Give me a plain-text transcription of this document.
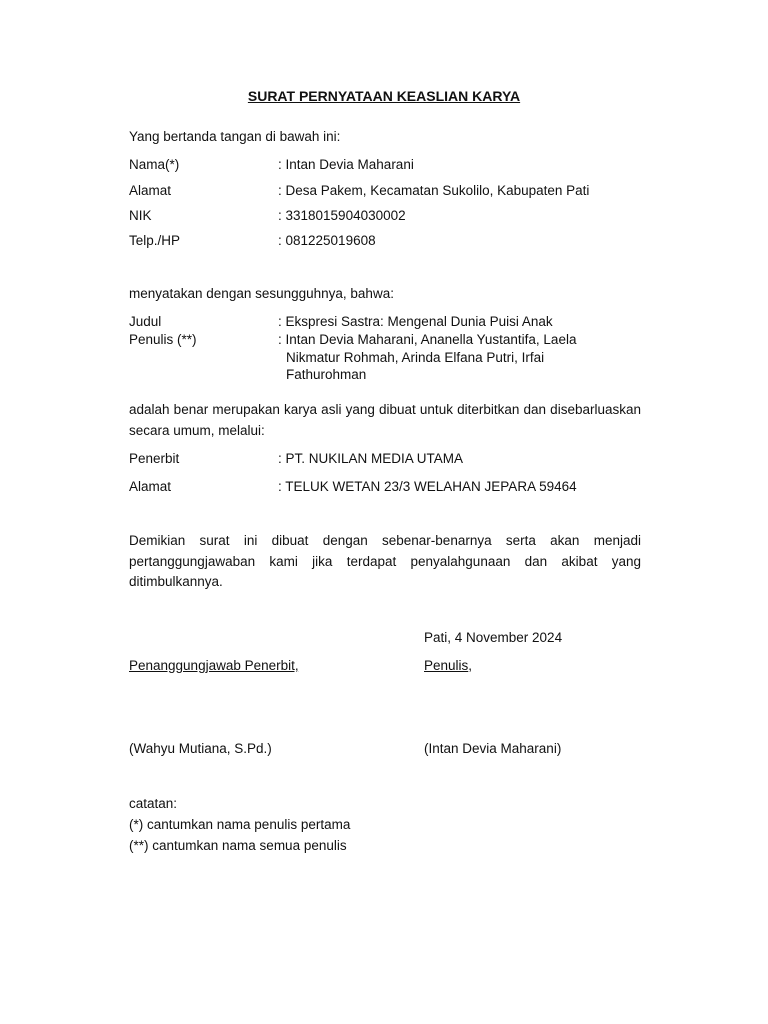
SURAT PERNYATAAN KEASLIAN KARYA
Yang bertanda tangan di bawah ini:
Nama(*)	: Intan Devia Maharani
Alamat	: Desa Pakem, Kecamatan Sukolilo, Kabupaten Pati
NIK	: 3318015904030002
Telp./HP	: 081225019608
menyatakan dengan sesungguhnya, bahwa:
Judul	: Ekspresi Sastra: Mengenal Dunia Puisi Anak
Penulis (**)	: Intan Devia Maharani, Ananella Yustantifa, Laela
Nikmatur Rohmah, Arinda Elfana Putri, Irfai
Fathurohman
adalah benar merupakan karya asli yang dibuat untuk diterbitkan dan disebarluaskan secara umum, melalui:
Penerbit	: PT. NUKILAN MEDIA UTAMA
Alamat	: TELUK WETAN 23/3 WELAHAN JEPARA 59464
Demikian surat ini dibuat dengan sebenar-benarnya serta akan menjadi pertanggungjawaban kami jika terdapat penyalahgunaan dan akibat yang ditimbulkannya.
Pati, 4 November 2024
Penanggungjawab Penerbit,	Penulis,
(Wahyu Mutiana, S.Pd.)	(Intan Devia Maharani)
catatan:
(*) cantumkan nama penulis pertama
(**) cantumkan nama semua penulis
